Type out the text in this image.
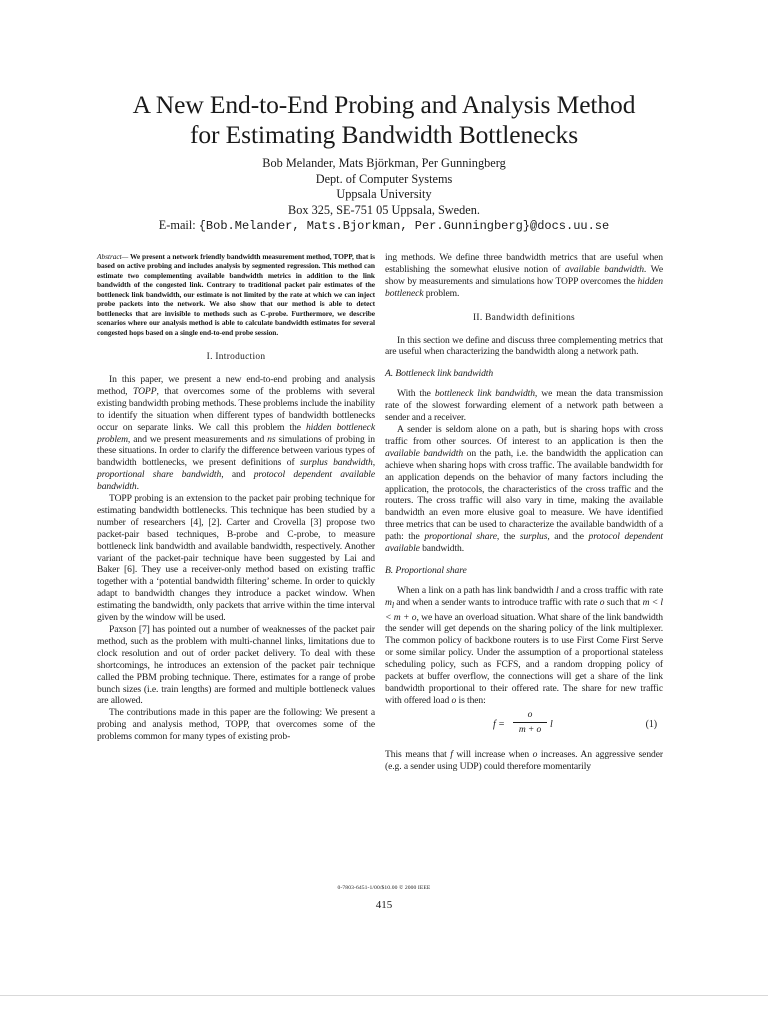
A New End-to-End Probing and Analysis Method
for Estimating Bandwidth Bottlenecks
Bob Melander, Mats Björkman, Per Gunningberg
Dept. of Computer Systems
Uppsala University
Box 325, SE-751 05 Uppsala, Sweden.
E-mail: {Bob.Melander, Mats.Bjorkman, Per.Gunningberg}@docs.uu.se
Abstract— We present a network friendly bandwidth measurement method, TOPP, that is based on active probing and includes analysis by segmented regression. This method can estimate two complementing available bandwidth metrics in addition to the link bandwidth of the congested link. Contrary to traditional packet pair estimates of the bottleneck link bandwidth, our estimate is not limited by the rate at which we can inject probe packets into the network. We also show that our method is able to detect bottlenecks that are invisible to methods such as C-probe. Furthermore, we describe scenarios where our analysis method is able to calculate bandwidth estimates for several congested hops based on a single end-to-end probe session.
I. Introduction

In this paper, we present a new end-to-end probing and analysis method, TOPP, that overcomes some of the problems with several existing bandwidth probing methods. These problems include the inability to identify the situation when different types of bandwidth bottlenecks occur on separate links. We call this problem the hidden bottleneck problem, and we present measurements and ns simulations of probing in these situations. In order to clarify the difference between various types of bandwidth bottlenecks, we present definitions of surplus bandwidth, proportional share bandwidth, and protocol dependent available bandwidth.

TOPP probing is an extension to the packet pair probing technique for estimating bandwidth bottlenecks. This technique has been studied by a number of researchers [4], [2]. Carter and Crovella [3] propose two packet-pair based techniques, B-probe and C-probe, to measure bottleneck link bandwidth and available bandwidth, respectively. Another variant of the packet-pair technique have been suggested by Lai and Baker [6]. They use a receiver-only method based on existing traffic together with a ‘potential bandwidth filtering’ scheme. In order to quickly adapt to bandwidth changes they introduce a packet window. When estimating the bandwidth, only packets that arrive within the time interval given by the window will be used.

Paxson [7] has pointed out a number of weaknesses of the packet pair method, such as the problem with multi-channel links, limitations due to clock resolution and out of order packet delivery. To deal with these shortcomings, he introduces an extension of the packet pair technique called the PBM probing technique. There, estimates for a range of probe bunch sizes (i.e. train lengths) are formed and multiple bottleneck values are allowed.

The contributions made in this paper are the following: We present a probing and analysis method, TOPP, that overcomes some of the problems common for many types of existing prob-

ing methods. We define three bandwidth metrics that are useful when establishing the somewhat elusive notion of available bandwidth. We show by measurements and simulations how TOPP overcomes the hidden bottleneck problem.

II. Bandwidth definitions

In this section we define and discuss three complementing metrics that are useful when characterizing the bandwidth along a network path.

A. Bottleneck link bandwidth

With the bottleneck link bandwidth, we mean the data transmission rate of the slowest forwarding element of a network path between a sender and a receiver.

A sender is seldom alone on a path, but is sharing hops with cross traffic from other sources. Of interest to an application is then the available bandwidth on the path, i.e. the bandwidth the application can achieve when sharing hops with cross traffic. The available bandwidth for an application depends on the behavior of many factors including the application, the protocols, the characteristics of the cross traffic and the routers. The cross traffic will also vary in time, making the available bandwidth an even more elusive goal to measure. We have identified three metrics that can be used to characterize the available bandwidth of a path: the proportional share, the surplus, and the protocol dependent available bandwidth.

B. Proportional share

When a link on a path has link bandwidth l and a cross traffic with rate $m_l$ and when a sender wants to introduce traffic with rate o such that m < l < m + o, we have an overload situation. What share of the link bandwidth the sender will get depends on the sharing policy of the link multiplexer. The common policy of backbone routers is to use First Come First Serve or some similar policy. Under the assumption of a proportional stateless scheduling policy, such as FCFS, and a random dropping policy of packets at buffer overflow, the connections will get a share of the link bandwidth proportional to their offered rate. The share for new traffic with offered load o is then:

f =
o
m + o l	(1)

This means that f will increase when o increases. An aggressive sender (e.g. a sender using UDP) could therefore momentarily

0-7803-6451-1/00/$10.00 © 2000 IEEE
415
